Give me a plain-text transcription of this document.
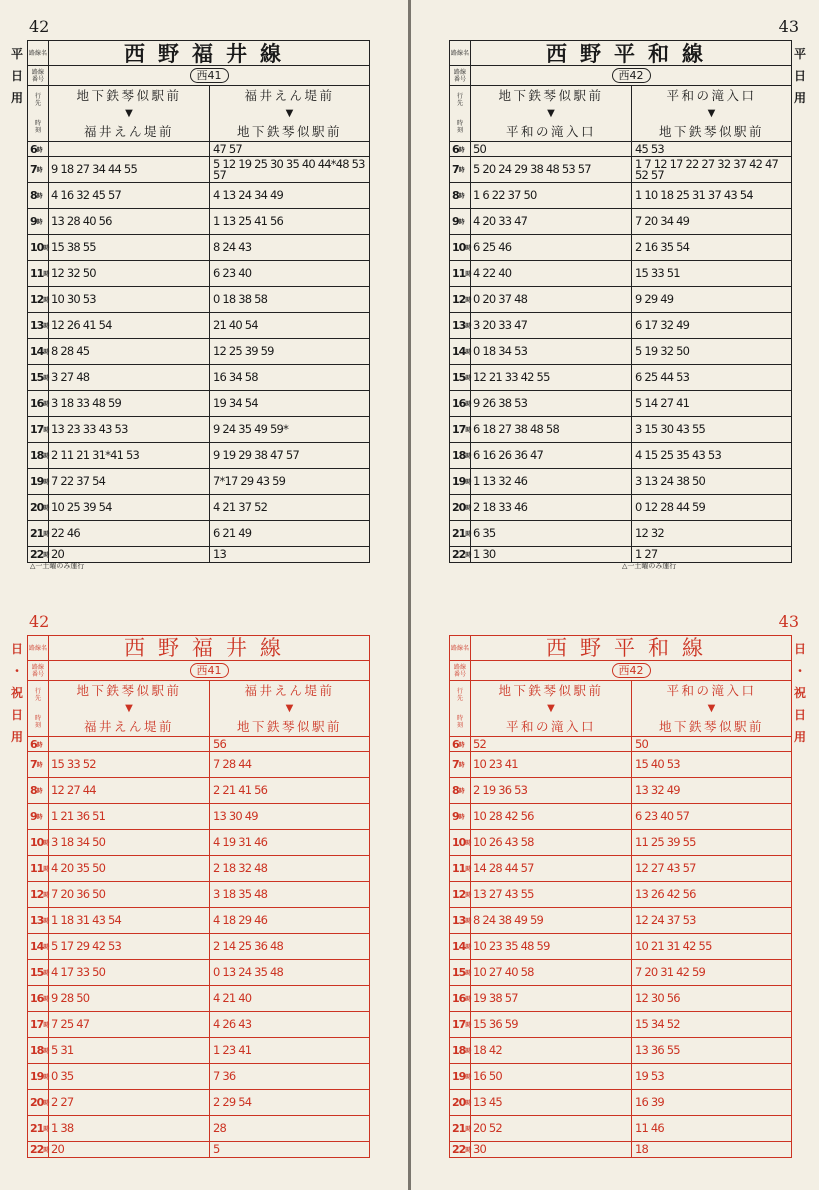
42
平
日
用
路線名	西野福井線
路線
番号	西41
行
先
時
刻
地下鉄琴似駅前
▼
福井えん堤前
福井えん堤前
▼
地下鉄琴似駅前
6 時	47 57
7 時 9 18 27 34 44 55	5 12 19 25 30 35 40 44*48 53 57
8 時 4 16 32 45 57	4 13 24 34 49
9 時 13 28 40 56	1 13 25 41 56
10 時 15 38 55	8 24 43
11 時 12 32 50	6 23 40
12 時 10 30 53	0 18 38 58
13 時 12 26 41 54	21 40 54
14 時 8 28 45	12 25 39 59
15 時 3 27 48	16 34 58
16 時 3 18 33 48 59	19 34 54
17 時 13 23 33 43 53	9 24 35 49 59*
18 時 2 11 21 31*41 53	9 19 29 38 47 57
19 時 7 22 37 54	7*17 29 43 59
20 時 10 25 39 54	4 21 37 52
21 時 22 46	6 21 49
22 時 20	13
△一土曜のみ運行
43
平
日
用
路線名	西野平和線
路線
番号	西42
行
先
時
刻
地下鉄琴似駅前
▼
平和の滝入口
平和の滝入口
▼
地下鉄琴似駅前
6 時 50	45 53
7 時 5 20 24 29 38 48 53 57	1 7 12 17 22 27 32 37 42 47 52 57
8 時 1 6 22 37 50	1 10 18 25 31 37 43 54
9 時 4 20 33 47	7 20 34 49
10 時 6 25 46	2 16 35 54
11 時 4 22 40	15 33 51
12 時 0 20 37 48	9 29 49
13 時 3 20 33 47	6 17 32 49
14 時 0 18 34 53	5 19 32 50
15 時 12 21 33 42 55	6 25 44 53
16 時 9 26 38 53	5 14 27 41
17 時 6 18 27 38 48 58	3 15 30 43 55
18 時 6 16 26 36 47	4 15 25 35 43 53
19 時 1 13 32 46	3 13 24 38 50
20 時 2 18 33 46	0 12 28 44 59
21 時 6 35	12 32
22 時 1 30	1 27
△一土曜のみ運行
42
日
・
祝
日
用
路線名	西野福井線
路線
番号	西41
行
先
時
刻
地下鉄琴似駅前
▼
福井えん堤前
福井えん堤前
▼
地下鉄琴似駅前
6 時	56
7 時 15 33 52	7 28 44
8 時 12 27 44	2 21 41 56
9 時 1 21 36 51	13 30 49
10 時 3 18 34 50	4 19 31 46
11 時 4 20 35 50	2 18 32 48
12 時 7 20 36 50	3 18 35 48
13 時 1 18 31 43 54	4 18 29 46
14 時 5 17 29 42 53	2 14 25 36 48
15 時 4 17 33 50	0 13 24 35 48
16 時 9 28 50	4 21 40
17 時 7 25 47	4 26 43
18 時 5 31	1 23 41
19 時 0 35	7 36
20 時 2 27	2 29 54
21 時 1 38	28
22 時 20	5
43
日
・
祝
日
用
路線名	西野平和線
路線
番号	西42
行
先
時
刻
地下鉄琴似駅前
▼
平和の滝入口
平和の滝入口
▼
地下鉄琴似駅前
6 時 52	50
7 時 10 23 41	15 40 53
8 時 2 19 36 53	13 32 49
9 時 10 28 42 56	6 23 40 57
10 時 10 26 43 58	11 25 39 55
11 時 14 28 44 57	12 27 43 57
12 時 13 27 43 55	13 26 42 56
13 時 8 24 38 49 59	12 24 37 53
14 時 10 23 35 48 59	10 21 31 42 55
15 時 10 27 40 58	7 20 31 42 59
16 時 19 38 57	12 30 56
17 時 15 36 59	15 34 52
18 時 18 42	13 36 55
19 時 16 50	19 53
20 時 13 45	16 39
21 時 20 52	11 46
22 時 30	18
